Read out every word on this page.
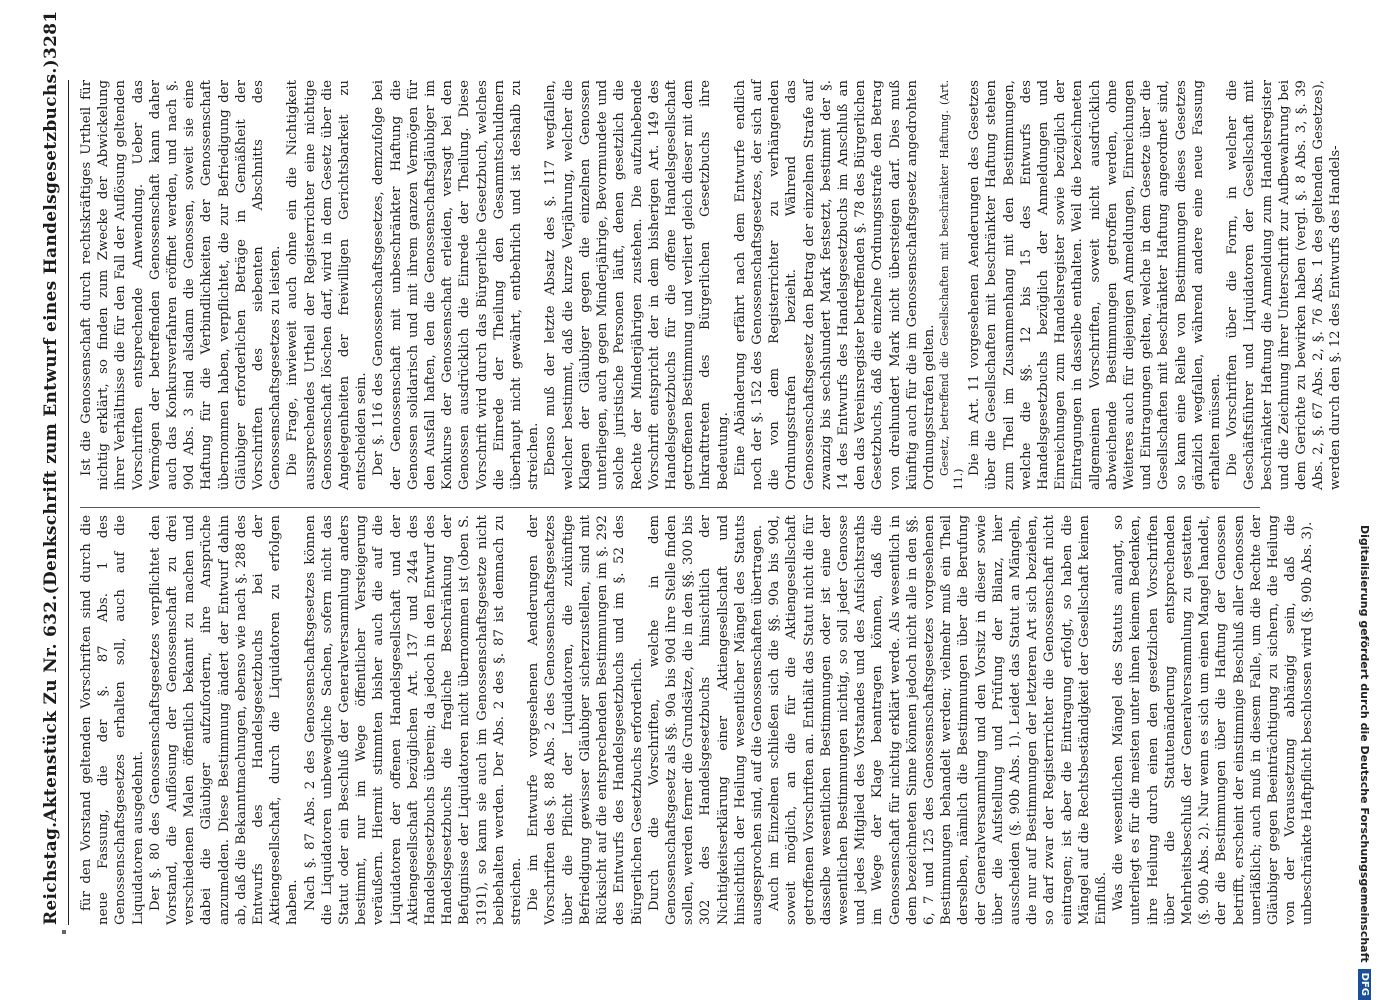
Reichstag.
Aktenstück Zu Nr. 632.
(Denkschrift zum Entwurf eines Handelsgesetzbuchs.)
3281

für den Vorstand geltenden Vorschriften sind durch die neue Fassung, die der §. 87 Abs. 1 des Genossenschaftsgesetzes erhalten soll, auch auf die Liquidatoren ausgedehnt. Der §. 80 des Genossenschaftsgesetzes verpflichtet den Vorstand, die Auflösung der Genossenschaft zu drei verschiedenen Malen öffentlich bekannt zu machen und dabei die Gläubiger aufzufordern, ihre Ansprüche anzumelden. Diese Bestimmung ändert der Entwurf dahin ab, daß die Bekanntmachungen, ebenso wie nach §. 288 des Entwurfs des Handelsgesetzbuchs bei der Aktiengesellschaft, durch die Liquidatoren zu erfolgen haben. Nach §. 87 Abs. 2 des Genossenschaftsgesetzes können die Liquidatoren unbewegliche Sachen, sofern nicht das Statut oder ein Beschluß der Generalversammlung anders bestimmt, nur im Wege öffentlicher Versteigerung veräußern. Hiermit stimmten bisher auch die auf die Liquidatoren der offenen Handelsgesellschaft und der Aktiengesellschaft bezüglichen Art. 137 und 244a des Handelsgesetzbuchs überein; da jedoch in den Entwurf des Handelsgesetzbuchs die fragliche Beschränkung der Befugnisse der Liquidatoren nicht übernommen ist (oben S. 3191), so kann sie auch im Genossenschaftsgesetze nicht beibehalten werden. Der Abs. 2 des §. 87 ist demnach zu streichen. Die im Entwurfe vorgesehenen Aenderungen der Vorschriften des §. 88 Abs. 2 des Genossenschaftsgesetzes über die Pflicht der Liquidatoren, die zukünftige Befriedigung gewisser Gläubiger sicherzustellen, sind mit Rücksicht auf die entsprechenden Bestimmungen im §. 292 des Entwurfs des Handelsgesetzbuchs und im §. 52 des Bürgerlichen Gesetzbuchs erforderlich. Durch die Vorschriften, welche in dem Genossenschaftsgesetz als §§. 90a bis 90d ihre Stelle finden sollen, werden ferner die Grundsätze, die in den §§. 300 bis 302 des Handelsgesetzbuchs hinsichtlich der Nichtigkeitserklärung einer Aktiengesellschaft und hinsichtlich der Heilung wesentlicher Mängel des Statuts ausgesprochen sind, auf die Genossenschaften übertragen. Auch im Einzelnen schließen sich die §§. 90a bis 90d, soweit möglich, an die für die Aktiengesellschaft getroffenen Vorschriften an. Enthält das Statut nicht die für dasselbe wesentlichen Bestimmungen oder ist eine der wesentlichen Bestimmungen nichtig, so soll jeder Genosse und jedes Mitglied des Vorstandes und des Aufsichtsraths im Wege der Klage beantragen können, daß die Genossenschaft für nichtig erklärt werde. Als wesentlich in dem bezeichneten Sinne können jedoch nicht alle in den §§. 6, 7 und 125 des Genossenschaftsgesetzes vorgesehenen Bestimmungen behandelt werden; vielmehr muß ein Theil derselben, nämlich die Bestimmungen über die Berufung der Generalversammlung und den Vorsitz in dieser sowie über die Aufstellung und Prüfung der Bilanz, hier ausscheiden (§. 90b Abs. 1). Leidet das Statut an Mängeln, die nur auf Bestimmungen der letzteren Art sich beziehen, so darf zwar der Registerrichter die Genossenschaft nicht eintragen; ist aber die Eintragung erfolgt, so haben die Mängel auf die Rechtsbeständigkeit der Gesellschaft keinen Einfluß. Was die wesentlichen Mängel des Statuts anlangt, so unterliegt es für die meisten unter ihnen keinem Bedenken, ihre Heilung durch einen den gesetzlichen Vorschriften über die Statutenänderung entsprechenden Mehrheitsbeschluß der Generalversammlung zu gestatten (§. 90b Abs. 2). Nur wenn es sich um einen Mangel handelt, der die Bestimmungen über die Haftung der Genossen betrifft, erscheint der einstimmige Beschluß aller Genossen unerläßlich; auch muß in diesem Falle, um die Rechte der Gläubiger gegen Beeinträchtigung zu sichern, die Heilung von der Voraussetzung abhängig sein, daß die unbeschränkte Haftpflicht beschlossen wird (§. 90b Abs. 3).

Ist die Genossenschaft durch rechtskräftiges Urtheil für nichtig erklärt, so finden zum Zwecke der Abwickelung ihrer Verhältnisse die für den Fall der Auflösung geltenden Vorschriften entsprechende Anwendung. Ueber das Vermögen der betreffenden Genossenschaft kann daher auch das Konkursverfahren eröffnet werden, und nach §. 90d Abs. 3 sind alsdann die Genossen, soweit sie eine Haftung für die Verbindlichkeiten der Genossenschaft übernommen haben, verpflichtet, die zur Befriedigung der Gläubiger erforderlichen Beträge in Gemäßheit der Vorschriften des siebenten Abschnitts des Genossenschaftsgesetzes zu leisten. Die Frage, inwieweit auch ohne ein die Nichtigkeit aussprechendes Urtheil der Registerrichter eine nichtige Genossenschaft löschen darf, wird in dem Gesetz über die Angelegenheiten der freiwilligen Gerichtsbarkeit zu entscheiden sein. Der §. 116 des Genossenschaftsgesetzes, demzufolge bei der Genossenschaft mit unbeschränkter Haftung die Genossen solidarisch und mit ihrem ganzen Vermögen für den Ausfall haften, den die Genossenschaftsgläubiger im Konkurse der Genossenschaft erleiden, versagt bei den Genossen ausdrücklich die Einrede der Theilung. Diese Vorschrift wird durch das Bürgerliche Gesetzbuch, welches die Einrede der Theilung den Gesammtschuldnern überhaupt nicht gewährt, entbehrlich und ist deshalb zu streichen. Ebenso muß der letzte Absatz des §. 117 wegfallen, welcher bestimmt, daß die kurze Verjährung, welcher die Klagen der Gläubiger gegen die einzelnen Genossen unterliegen, auch gegen Minderjährige, Bevormundete und solche juristische Personen läuft, denen gesetzlich die Rechte der Minderjährigen zustehen. Die aufzuhebende Vorschrift entspricht der in dem bisherigen Art. 149 des Handelsgesetzbuchs für die offene Handelsgesellschaft getroffenen Bestimmung und verliert gleich dieser mit dem Inkrafttreten des Bürgerlichen Gesetzbuchs ihre Bedeutung. Eine Abänderung erfährt nach dem Entwurfe endlich noch der §. 152 des Genossenschaftsgesetzes, der sich auf die von dem Registerrichter zu verhängenden Ordnungsstrafen bezieht. Während das Genossenschaftsgesetz den Betrag der einzelnen Strafe auf zwanzig bis sechshundert Mark festsetzt, bestimmt der §. 14 des Entwurfs des Handelsgesetzbuchs im Anschluß an den das Vereinsregister betreffenden §. 78 des Bürgerlichen Gesetzbuchs, daß die einzelne Ordnungsstrafe den Betrag von dreihundert Mark nicht übersteigen darf. Dies muß künftig auch für die im Genossenschaftsgesetz angedrohten Ordnungsstrafen gelten. Gesetz, betreffend die Gesellschaften mit beschränkter Haftung. (Art. 11.)

Die im Art. 11 vorgesehenen Aenderungen des Gesetzes über die Gesellschaften mit beschränkter Haftung stehen zum Theil im Zusammenhang mit den Bestimmungen, welche die §§. 12 bis 15 des Entwurfs des Handelsgesetzbuchs bezüglich der Anmeldungen und Einreichungen zum Handelsregister sowie bezüglich der Eintragungen in dasselbe enthalten. Weil die bezeichneten allgemeinen Vorschriften, soweit nicht ausdrücklich abweichende Bestimmungen getroffen werden, ohne Weiteres auch für diejenigen Anmeldungen, Einreichungen und Eintragungen gelten, welche in dem Gesetze über die Gesellschaften mit beschränkter Haftung angeordnet sind, so kann eine Reihe von Bestimmungen dieses Gesetzes gänzlich wegfallen, während andere eine neue Fassung erhalten müssen. Die Vorschriften über die Form, in welcher die Geschäftsführer und Liquidatoren der Gesellschaft mit beschränkter Haftung die Anmeldung zum Handelsregister und die Zeichnung ihrer Unterschrift zur Aufbewahrung bei dem Gerichte zu bewirken haben (vergl. §. 8 Abs. 3, §. 39 Abs. 2, §. 67 Abs. 2, §. 76 Abs. 1 des geltenden Gesetzes), werden durch den §. 12 des Entwurfs des Handels-

Digitalisierung gefördert durch die Deutsche Forschungsgemeinschaft
DFG
